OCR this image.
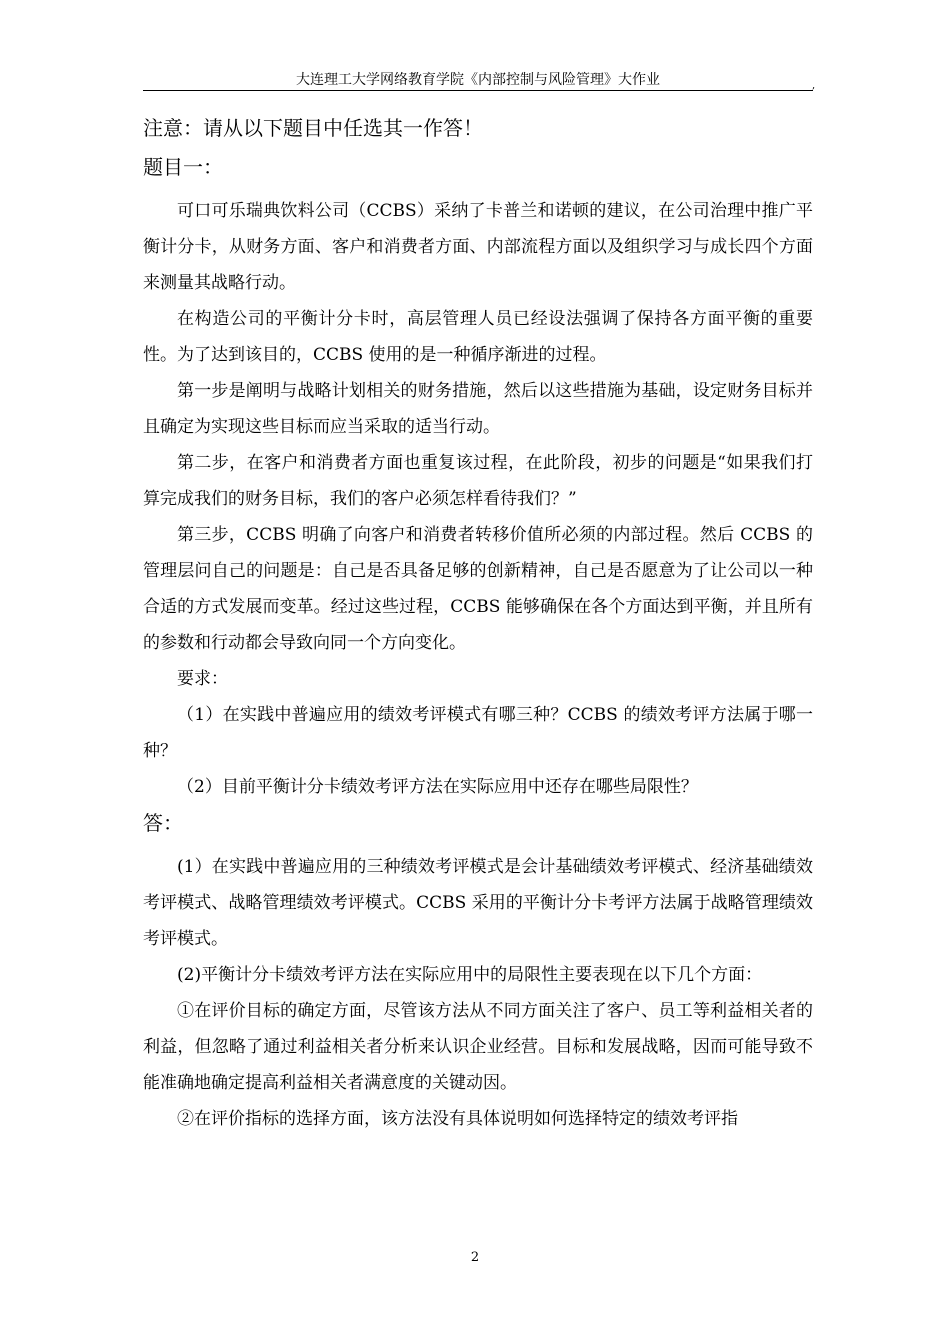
大连理工大学网络教育学院《内部控制与风险管理》大作业	,

注意：请从以下题目中任选其一作答！

题目一：

可口可乐瑞典饮料公司（CCBS）采纳了卡普兰和诺顿的建议，在公司治理中推广平衡计分卡，从财务方面、客户和消费者方面、内部流程方面以及组织学习与成长四个方面来测量其战略行动。

在构造公司的平衡计分卡时，高层管理人员已经设法强调了保持各方面平衡的重要性。为了达到该目的，CCBS 使用的是一种循序渐进的过程。

第一步是阐明与战略计划相关的财务措施，然后以这些措施为基础，设定财务目标并且确定为实现这些目标而应当采取的适当行动。

第二步，在客户和消费者方面也重复该过程，在此阶段，初步的问题是“如果我们打算完成我们的财务目标，我们的客户必须怎样看待我们？”

第三步，CCBS 明确了向客户和消费者转移价值所必须的内部过程。然后 CCBS 的管理层问自己的问题是：自己是否具备足够的创新精神，自己是否愿意为了让公司以一种合适的方式发展而变革。经过这些过程，CCBS 能够确保在各个方面达到平衡，并且所有的参数和行动都会导致向同一个方向变化。

要求：

（1）在实践中普遍应用的绩效考评模式有哪三种？CCBS 的绩效考评方法属于哪一种？

（2）目前平衡计分卡绩效考评方法在实际应用中还存在哪些局限性？

答：

(1）在实践中普遍应用的三种绩效考评模式是会计基础绩效考评模式、经济基础绩效考评模式、战略管理绩效考评模式。CCBS 采用的平衡计分卡考评方法属于战略管理绩效考评模式。

(2)平衡计分卡绩效考评方法在实际应用中的局限性主要表现在以下几个方面：

①在评价目标的确定方面，尽管该方法从不同方面关注了客户、员工等利益相关者的利益，但忽略了通过利益相关者分析来认识企业经营。目标和发展战略，因而可能导致不能准确地确定提高利益相关者满意度的关键动因。

②在评价指标的选择方面，该方法没有具体说明如何选择特定的绩效考评指

2
